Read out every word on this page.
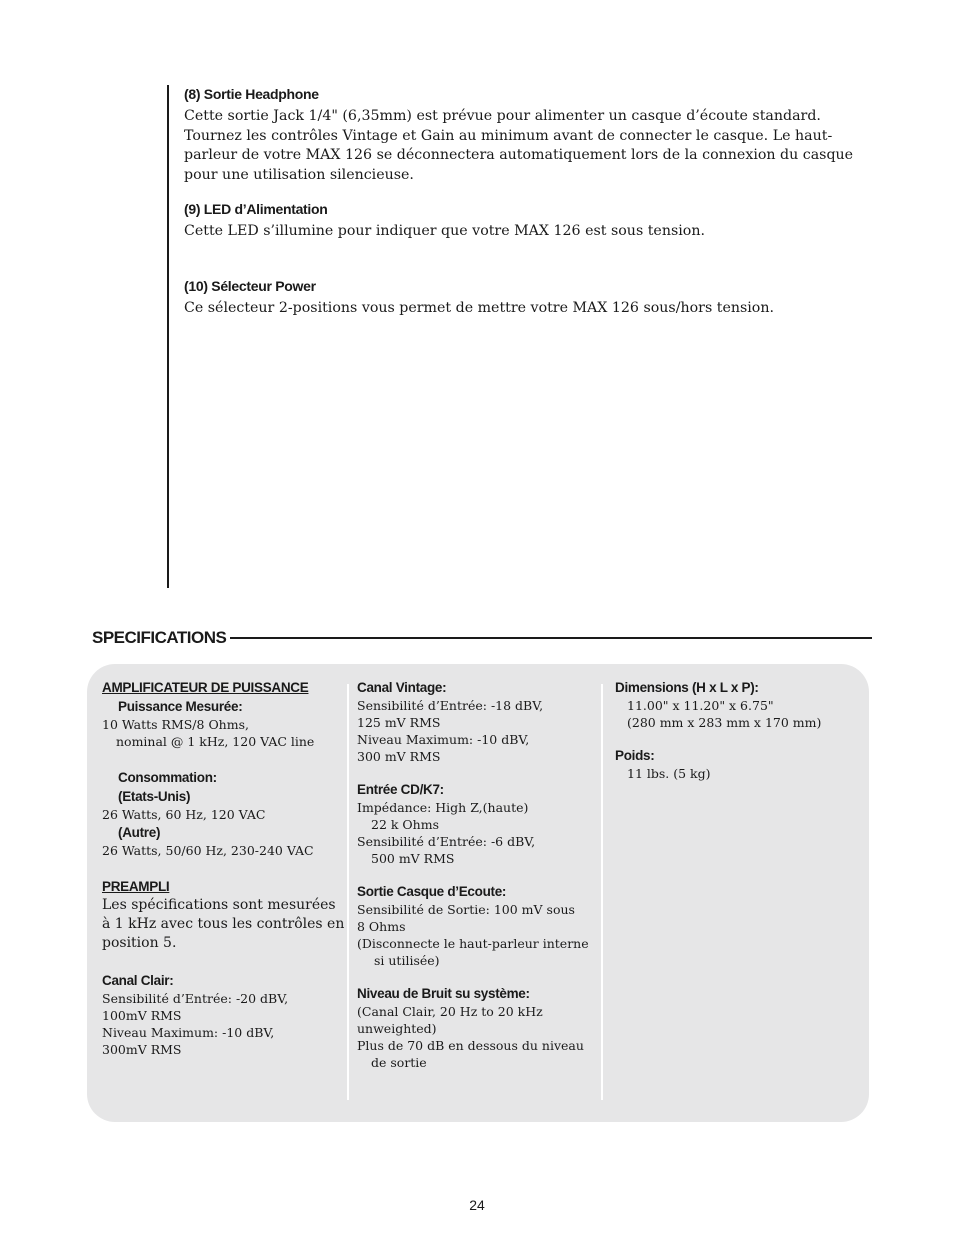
(8) Sortie Headphone

Cette sortie Jack 1/4" (6,35mm) est prévue pour alimenter un casque d’écoute standard. Tournez les contrôles Vintage et Gain au minimum avant de connecter le casque. Le haut-parleur de votre MAX 126 se déconnectera automatiquement lors de la connexion du casque pour une utilisation silencieuse.

(9) LED d’Alimentation

Cette LED s’illumine pour indiquer que votre MAX 126 est sous tension.

(10) Sélecteur Power

Ce sélecteur 2-positions vous permet de mettre votre MAX 126 sous/hors tension.

SPECIFICATIONS

AMPLIFICATEUR DE PUISSANCE

Puissance Mesurée:

10 Watts RMS/8 Ohms,

nominal @ 1 kHz, 120 VAC line

Consommation:

(Etats-Unis)

26 Watts, 60 Hz, 120 VAC

(Autre)

26 Watts, 50/60 Hz, 230-240 VAC

PREAMPLI

Les spécifications sont mesurées à 1 kHz avec tous les contrôles en position 5.

Canal Clair:

Sensibilité d’Entrée: -20 dBV,

100mV RMS

Niveau Maximum: -10 dBV,

300mV RMS

Canal Vintage:

Sensibilité d’Entrée: -18 dBV,

125 mV RMS

Niveau Maximum: -10 dBV,

300 mV RMS

Entrée CD/K7:

Impédance: High Z,(haute)

22 k Ohms

Sensibilité d’Entrée: -6 dBV,

500 mV RMS

Sortie Casque d’Ecoute:

Sensibilité de Sortie: 100 mV sous

8 Ohms

(Disconnecte le haut-parleur interne

si utilisée)

Niveau de Bruit su système:

(Canal Clair, 20 Hz to 20 kHz

unweighted)

Plus de 70 dB en dessous du niveau

de sortie

Dimensions (H x L x P):

11.00" x 11.20" x 6.75"

(280 mm x 283 mm x 170 mm)

Poids:

11 lbs. (5 kg)

24
